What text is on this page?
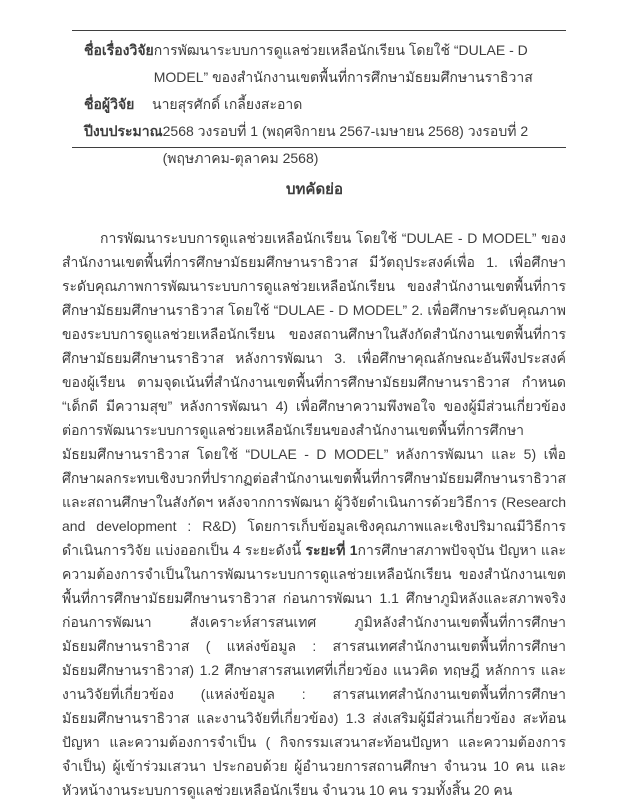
ชื่อเรื่องวิจัย การพัฒนาระบบการดูแลช่วยเหลือนักเรียน โดยใช้ “DULAE - D MODEL” ของสำนักงานเขตพื้นที่การศึกษามัธยมศึกษานราธิวาส
ชื่อผู้วิจัย	นายสุรศักดิ์ เกลี้ยงสะอาด
ปีงบประมาณ 2568 วงรอบที่ 1 (พฤศจิกายน 2567-เมษายน 2568) วงรอบที่ 2 (พฤษภาคม-ตุลาคม 2568)
บทคัดย่อ
การพัฒนาระบบการดูแลช่วยเหลือนักเรียน โดยใช้ “DULAE - D MODEL” ของสำนักงานเขตพื้นที่การศึกษามัธยมศึกษานราธิวาส มีวัตถุประสงค์เพื่อ 1. เพื่อศึกษาระดับคุณภาพการพัฒนาระบบการดูแลช่วยเหลือนักเรียน ของสำนักงานเขตพื้นที่การศึกษามัธยมศึกษานราธิวาส โดยใช้ “DULAE - D MODEL” 2. เพื่อศึกษาระดับคุณภาพของระบบการดูแลช่วยเหลือนักเรียน ของสถานศึกษาในสังกัดสำนักงานเขตพื้นที่การศึกษามัธยมศึกษานราธิวาส หลังการพัฒนา 3. เพื่อศึกษาคุณลักษณะอันพึงประสงค์ของผู้เรียน ตามจุดเน้นที่สำนักงานเขตพื้นที่การศึกษามัธยมศึกษานราธิวาส กำหนด “เด็กดี มีความสุข” หลังการพัฒนา 4) เพื่อศึกษาความพึงพอใจ ของผู้มีส่วนเกี่ยวข้อง ต่อการพัฒนาระบบการดูแลช่วยเหลือนักเรียนของสำนักงานเขตพื้นที่การศึกษามัธยมศึกษานราธิวาส โดยใช้ “DULAE - D MODEL” หลังการพัฒนา และ 5) เพื่อศึกษาผลกระทบเชิงบวกที่ปรากฏต่อสำนักงานเขตพื้นที่การศึกษามัธยมศึกษานราธิวาส และสถานศึกษาในสังกัดฯ หลังจากการพัฒนา ผู้วิจัยดำเนินการด้วยวิธีการ (Research and development : R&D) โดยการเก็บข้อมูลเชิงคุณภาพและเชิงปริมาณมีวิธีการดำเนินการวิจัย แบ่งออกเป็น 4 ระยะดังนี้ ระยะที่ 1การศึกษาสภาพปัจจุบัน ปัญหา และความต้องการจำเป็นในการพัฒนาระบบการดูแลช่วยเหลือนักเรียน ของสำนักงานเขตพื้นที่การศึกษามัธยมศึกษานราธิวาส ก่อนการพัฒนา 1.1 ศึกษาภูมิหลังและสภาพจริง ก่อนการพัฒนา สังเคราะห์สารสนเทศ ภูมิหลังสำนักงานเขตพื้นที่การศึกษามัธยมศึกษานราธิวาส ( แหล่งข้อมูล : สารสนเทศสำนักงานเขตพื้นที่การศึกษามัธยมศึกษานราธิวาส) 1.2 ศึกษาสารสนเทศที่เกี่ยวข้อง แนวคิด ทฤษฎี หลักการ และงานวิจัยที่เกี่ยวข้อง (แหล่งข้อมูล : สารสนเทศสำนักงานเขตพื้นที่การศึกษามัธยมศึกษานราธิวาส และงานวิจัยที่เกี่ยวข้อง) 1.3 ส่งเสริมผู้มีส่วนเกี่ยวข้อง สะท้อนปัญหา และความต้องการจำเป็น ( กิจกรรมเสวนาสะท้อนปัญหา และความต้องการจำเป็น) ผู้เข้าร่วมเสวนา ประกอบด้วย ผู้อำนวยการสถานศึกษา จำนวน 10 คน และหัวหน้างานระบบการดูแลช่วยเหลือนักเรียน จำนวน 10 คน รวมทั้งสิ้น 20 คน
